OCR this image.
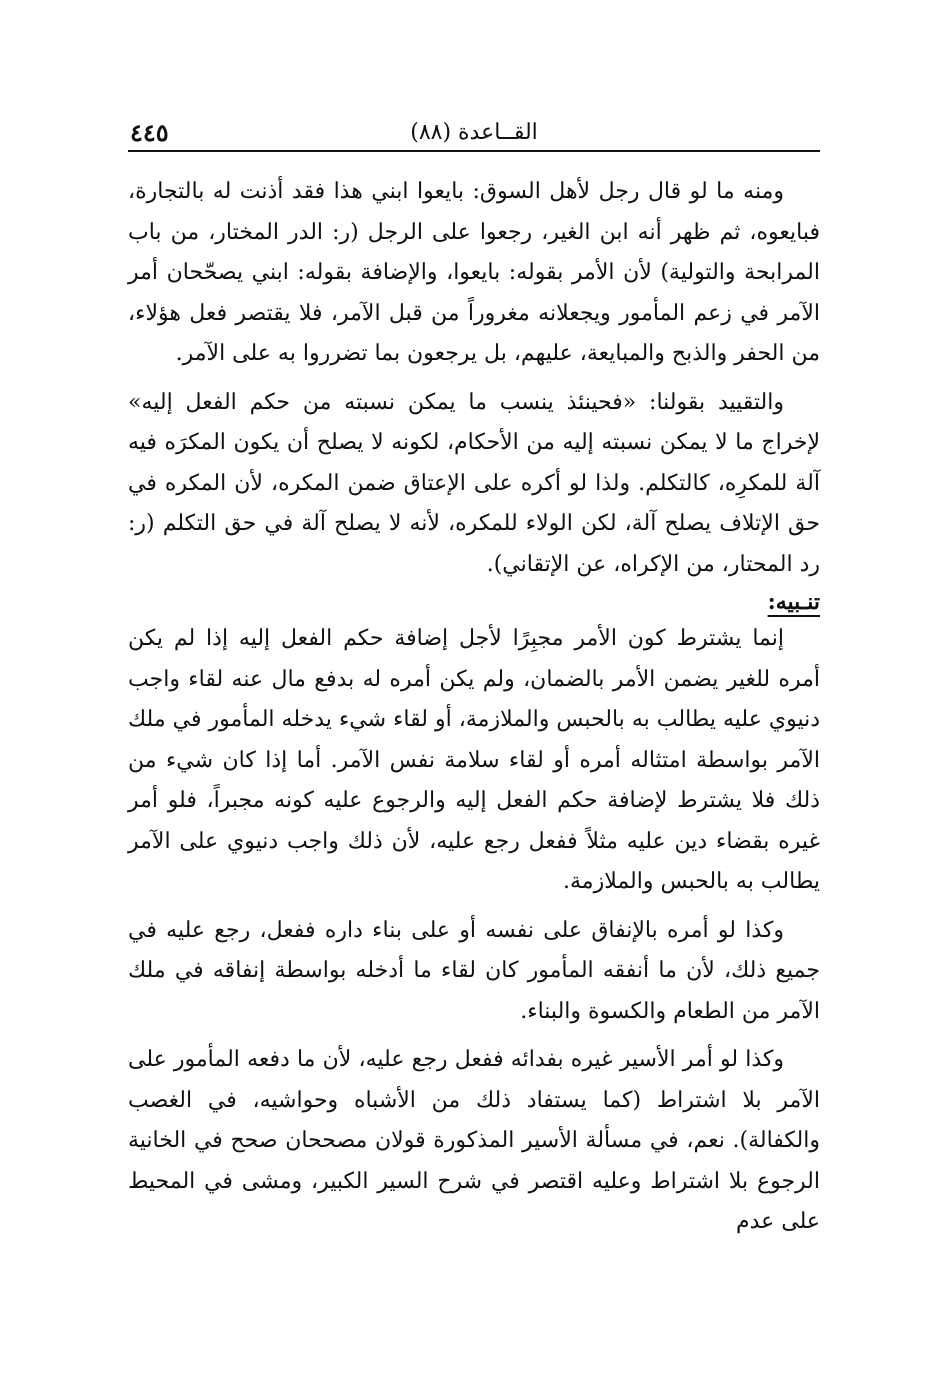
القــاعدة (٨٨)
٤٤٥

ومنه ما لو قال رجل لأهل السوق: بايعوا ابني هذا فقد أذنت له بالتجارة، فبايعوه، ثم ظهر أنه ابن الغير، رجعوا على الرجل (ر: الدر المختار، من باب المرابحة والتولية) لأن الأمر بقوله: بايعوا، والإضافة بقوله: ابني يصحّحان أمر الآمر في زعم المأمور ويجعلانه مغروراً من قبل الآمر، فلا يقتصر فعل هؤلاء، من الحفر والذبح والمبايعة، عليهم، بل يرجعون بما تضرروا به على الآمر.

والتقييد بقولنا: «فحينئذ ينسب ما يمكن نسبته من حكم الفعل إليه» لإخراج ما لا يمكن نسبته إليه من الأحكام، لكونه لا يصلح أن يكون المكرَه فيه آلة للمكرِه، كالتكلم. ولذا لو أكره على الإعتاق ضمن المكره، لأن المكره في حق الإتلاف يصلح آلة، لكن الولاء للمكره، لأنه لا يصلح آلة في حق التكلم (ر: رد المحتار، من الإكراه، عن الإتقاني).

تنـبيه:

إنما يشترط كون الأمر مجبِرًا لأجل إضافة حكم الفعل إليه إذا لم يكن أمره للغير يضمن الأمر بالضمان، ولم يكن أمره له بدفع مال عنه لقاء واجب دنيوي عليه يطالب به بالحبس والملازمة، أو لقاء شيء يدخله المأمور في ملك الآمر بواسطة امتثاله أمره أو لقاء سلامة نفس الآمر. أما إذا كان شيء من ذلك فلا يشترط لإضافة حكم الفعل إليه والرجوع عليه كونه مجبراً، فلو أمر غيره بقضاء دين عليه مثلاً ففعل رجع عليه، لأن ذلك واجب دنيوي على الآمر يطالب به بالحبس والملازمة.

وكذا لو أمره بالإنفاق على نفسه أو على بناء داره ففعل، رجع عليه في جميع ذلك، لأن ما أنفقه المأمور كان لقاء ما أدخله بواسطة إنفاقه في ملك الآمر من الطعام والكسوة والبناء.

وكذا لو أمر الأسير غيره بفدائه ففعل رجع عليه، لأن ما دفعه المأمور على الآمر بلا اشتراط (كما يستفاد ذلك من الأشباه وحواشيه، في الغصب والكفالة). نعم، في مسألة الأسير المذكورة قولان مصححان صحح في الخانية الرجوع بلا اشتراط وعليه اقتصر في شرح السير الكبير، ومشى في المحيط على عدم
